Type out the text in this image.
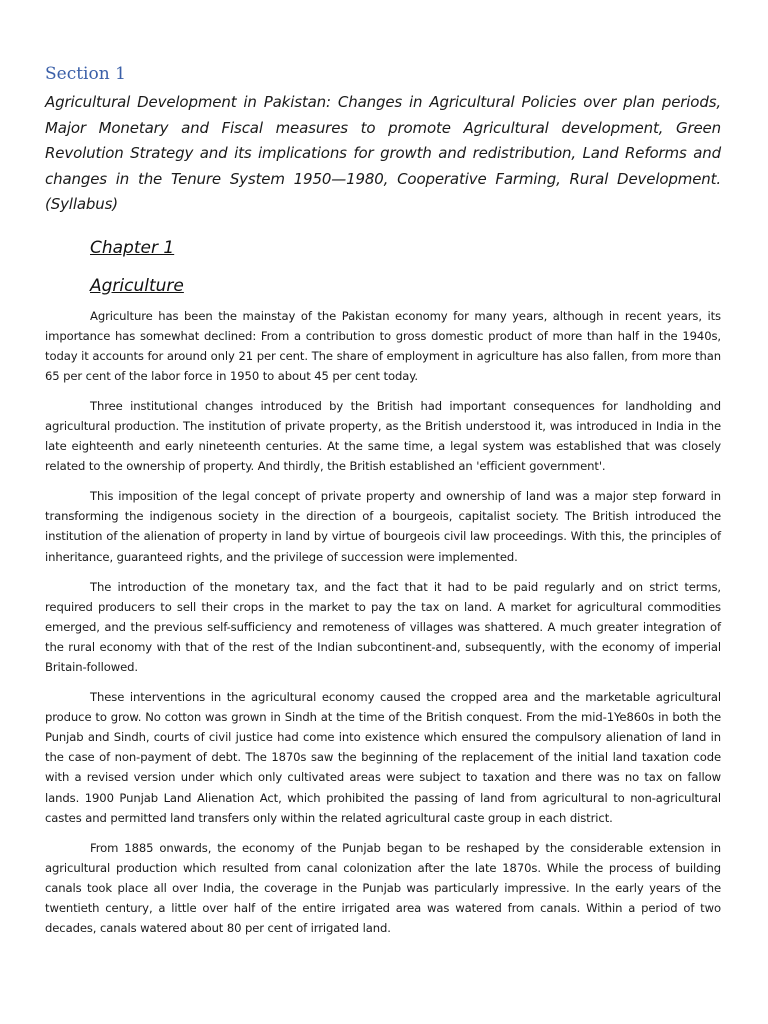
Section 1

Agricultural Development in Pakistan: Changes in Agricultural Policies over plan periods, Major Monetary and Fiscal measures to promote Agricultural development, Green Revolution Strategy and its implications for growth and redistribution, Land Reforms and changes in the Tenure System 1950—1980, Cooperative Farming, Rural Development. (Syllabus)

Chapter 1
Agriculture

Agriculture has been the mainstay of the Pakistan economy for many years, although in recent years, its importance has somewhat declined: From a contribution to gross domestic product of more than half in the 1940s, today it accounts for around only 21 per cent. The share of employment in agriculture has also fallen, from more than 65 per cent of the labor force in 1950 to about 45 per cent today.

Three institutional changes introduced by the British had important consequences for landholding and agricultural production. The institution of private property, as the British understood it, was introduced in India in the late eighteenth and early nineteenth centuries. At the same time, a legal system was established that was closely related to the ownership of property. And thirdly, the British established an 'efficient government'.

This imposition of the legal concept of private property and ownership of land was a major step forward in transforming the indigenous society in the direction of a bourgeois, capitalist society. The British introduced the institution of the alienation of property in land by virtue of bourgeois civil law proceedings. With this, the principles of inheritance, guaranteed rights, and the privilege of succession were implemented.

The introduction of the monetary tax, and the fact that it had to be paid regularly and on strict terms, required producers to sell their crops in the market to pay the tax on land. A market for agricultural commodities emerged, and the previous self-sufficiency and remoteness of villages was shattered. A much greater integration of the rural economy with that of the rest of the Indian subcontinent-and, subsequently, with the economy of imperial Britain-followed.

These interventions in the agricultural economy caused the cropped area and the marketable agricultural produce to grow. No cotton was grown in Sindh at the time of the British conquest. From the mid-1Ye860s in both the Punjab and Sindh, courts of civil justice had come into existence which ensured the compulsory alienation of land in the case of non-payment of debt. The 1870s saw the beginning of the replacement of the initial land taxation code with a revised version under which only cultivated areas were subject to taxation and there was no tax on fallow lands. 1900 Punjab Land Alienation Act, which prohibited the passing of land from agricultural to non-agricultural castes and permitted land transfers only within the related agricultural caste group in each district.

From 1885 onwards, the economy of the Punjab began to be reshaped by the considerable extension in agricultural production which resulted from canal colonization after the late 1870s. While the process of building canals took place all over India, the coverage in the Punjab was particularly impressive. In the early years of the twentieth century, a little over half of the entire irrigated area was watered from canals. Within a period of two decades, canals watered about 80 per cent of irrigated land.
